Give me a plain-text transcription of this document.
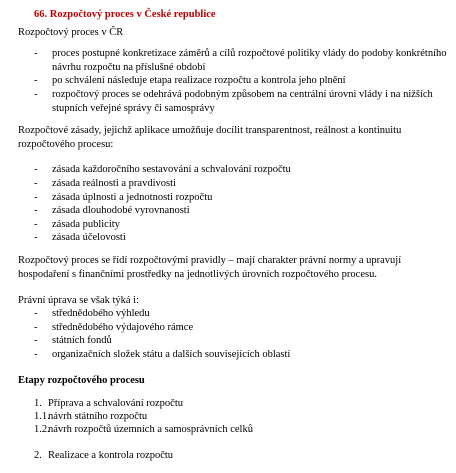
66. Rozpočtový proces v České republice
Rozpočtový proces v ČR
- proces postupné konkretizace záměrů a cílů rozpočtové politiky vlády do podoby konkrétního návrhu rozpočtu na příslušné období
- po schválení následuje etapa realizace rozpočtu a kontrola jeho plnění
- rozpočtový proces se odehrává podobným způsobem na centrální úrovni vlády i na nižších stupních veřejné správy či samosprávy
Rozpočtové zásady, jejichž aplikace umožňuje docílit transparentnost, reálnost a kontinuitu rozpočtového procesu:
- zásada každoročního sestavování a schvalování rozpočtu
- zásada reálnosti a pravdivosti
- zásada úplnosti a jednotnosti rozpočtu
- zásada dlouhodobé vyrovnanosti
- zásada publicity
- zásada účelovosti
Rozpočtový proces se řídí rozpočtovými pravidly – mají charakter právní normy a upravují hospodaření s finančními prostředky na jednotlivých úrovních rozpočtového procesu.
Právní úprava se však týká i:
- střednědobého výhledu
- střednědobého výdajového rámce
- státních fondů
- organizačních složek státu a dalších souvisejících oblastí
Etapy rozpočtového procesu
1. Příprava a schvalování rozpočtu
1.1.
návrh státního rozpočtu
1.2.
návrh rozpočtů územních a samosprávních celků
2. Realizace a kontrola rozpočtu
